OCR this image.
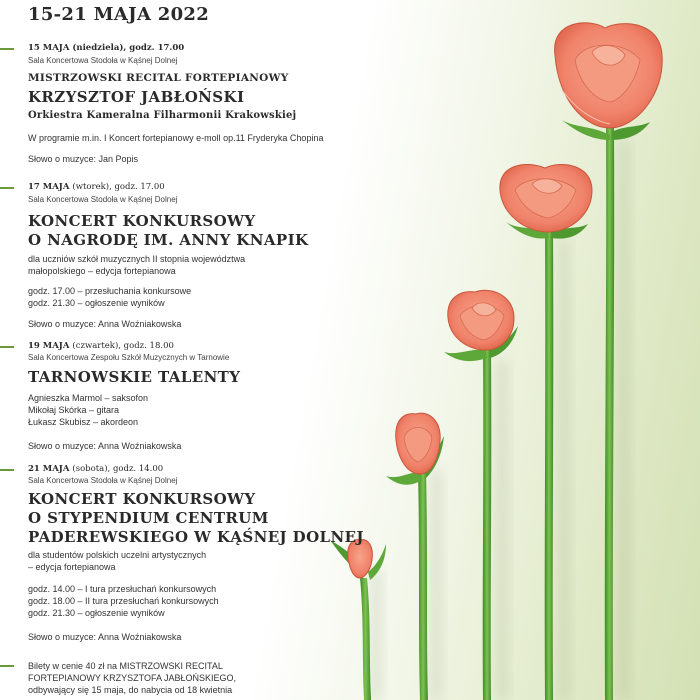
15-21 MAJA 2022
15 MAJA (niedziela), godz. 17.00
Sala Koncertowa Stodoła w Kąśnej Dolnej
MISTRZOWSKI RECITAL FORTEPIANOWY
KRZYSZTOF JABŁOŃSKI
Orkiestra Kameralna Filharmonii Krakowskiej
W programie m.in. I Koncert fortepianowy e-moll op.11 Fryderyka Chopina
Słowo o muzyce: Jan Popis
17 MAJA (wtorek), godz. 17.00
Sala Koncertowa Stodoła w Kąśnej Dolnej
KONCERT KONKURSOWY
O NAGRODĘ IM. ANNY KNAPIK
dla uczniów szkół muzycznych II stopnia województwa
małopolskiego – edycja fortepianowa
godz. 17.00 – przesłuchania konkursowe
godz. 21.30 – ogłoszenie wyników
Słowo o muzyce: Anna Woźniakowska
19 MAJA (czwartek), godz. 18.00
Sala Koncertowa Zespołu Szkół Muzycznych w Tarnowie
TARNOWSKIE TALENTY
Agnieszka Marmol – saksofon
Mikołaj Skórka – gitara
Łukasz Skubisz – akordeon
Słowo o muzyce: Anna Woźniakowska
21 MAJA (sobota), godz. 14.00
Sala Koncertowa Stodoła w Kąśnej Dolnej
KONCERT KONKURSOWY
O STYPENDIUM CENTRUM
PADEREWSKIEGO W KĄŚNEJ DOLNEJ
dla studentów polskich uczelni artystycznych
– edycja fortepianowa
godz. 14.00 – I tura przesłuchań konkursowych
godz. 18.00 – II tura przesłuchań konkursowych
godz. 21.30 – ogłoszenie wyników
Słowo o muzyce: Anna Woźniakowska
Bilety w cenie 40 zł na MISTRZOWSKI RECITAL
FORTEPIANOWY KRZYSZTOFA JABŁOŃSKIEGO,
odbywający się 15 maja, do nabycia od 18 kwietnia
